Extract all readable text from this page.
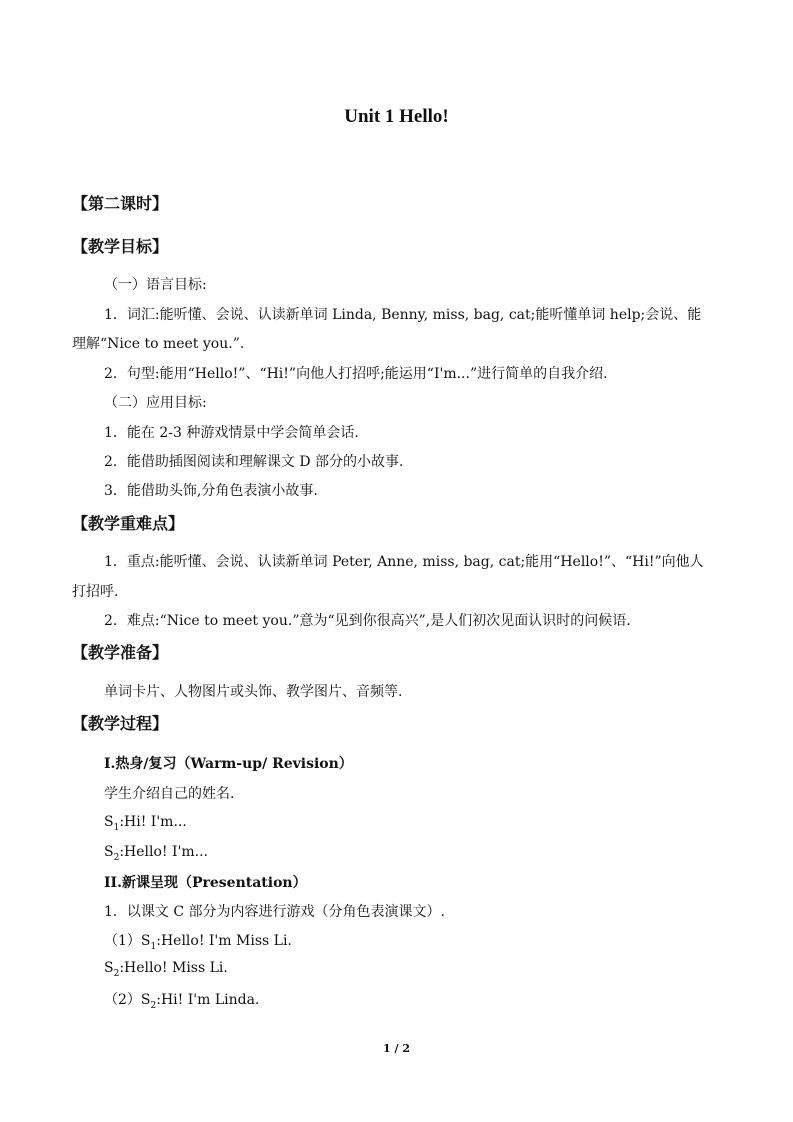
Unit 1 Hello!
【第二课时】
【教学目标】
（一）语言目标:
1．词汇:能听懂、会说、认读新单词 Linda, Benny, miss, bag, cat;能听懂单词 help;会说、能
理解“Nice to meet you.”.
2．句型:能用“Hello!”、“Hi!”向他人打招呼;能运用“I'm...”进行简单的自我介绍.
（二）应用目标:
1．能在 2-3 种游戏情景中学会简单会话.
2．能借助插图阅读和理解课文 D 部分的小故事.
3．能借助头饰,分角色表演小故事.
【教学重难点】
1．重点:能听懂、会说、认读新单词 Peter, Anne, miss, bag, cat;能用“Hello!”、“Hi!”向他人
打招呼.
2．难点:“Nice to meet you.”意为“见到你很高兴”,是人们初次见面认识时的问候语.
【教学准备】
单词卡片、人物图片或头饰、教学图片、音频等.
【教学过程】
I.热身/复习（Warm-up/ Revision）
学生介绍自己的姓名.
$S_1:Hi$! I'm...
$S_2:Hello$! I'm...
II.新课呈现（Presentation）
1．以课文 C 部分为内容进行游戏（分角色表演课文）.
$(1)S_1:Hello$! I'm Miss Li.
$S_2:Hello$! Miss Li.
$(2)S_2:Hi$! I'm Linda.
1 / 2
